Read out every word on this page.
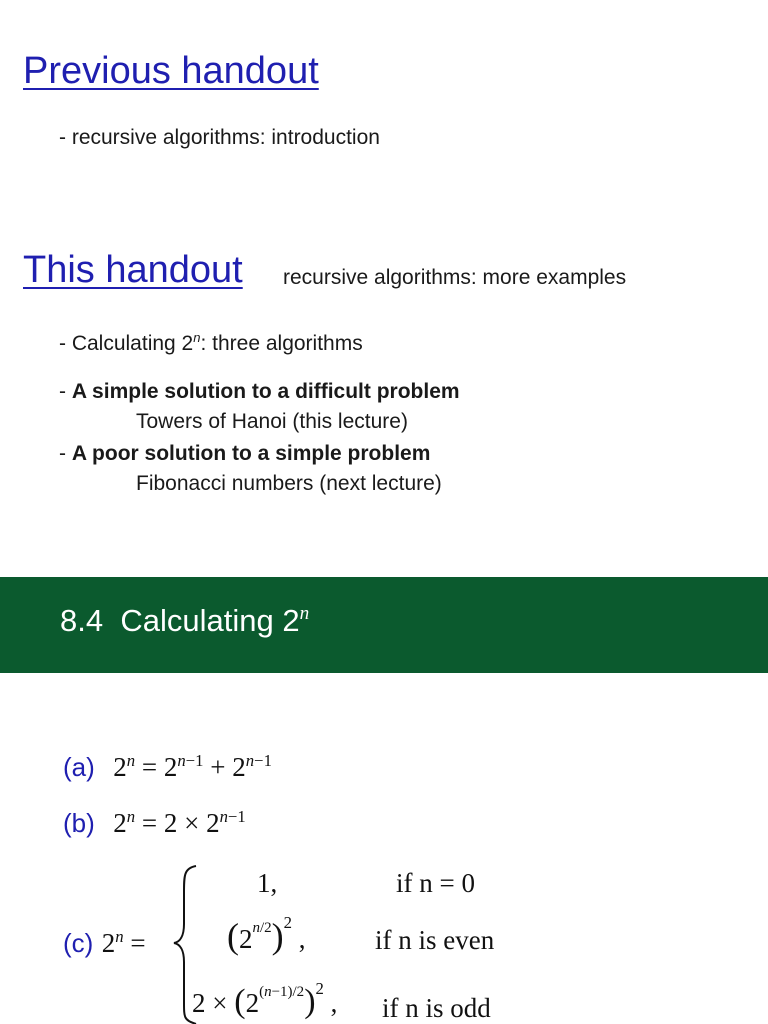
Previous handout
- recursive algorithms: introduction
This handout recursive algorithms: more examples
- Calculating 2$^n$: three algorithms
- A simple solution to a difficult problem
Towers of Hanoi (this lecture)
- A poor solution to a simple problem
Fibonacci numbers (next lecture)
8.4 Calculating 2$^n$
(a) $2^n = 2^{n-1} + 2^{n-1}$
(b) $2^n = 2 \times 2^{n-1}$
(c) $2^n$ =
1,	if n = 0
$(2^{n/2})^2$ ,	if n is even
$2 \times (2^{(n-1)/2})^2$ , if n is odd
